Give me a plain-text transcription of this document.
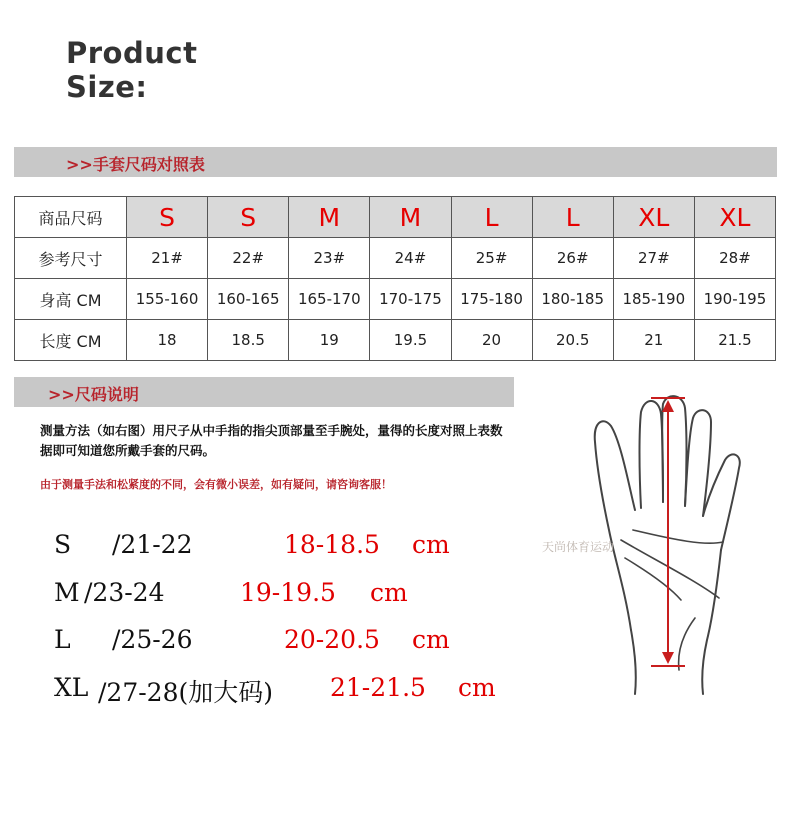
Product
Size:
>>手套尺码对照表
商品尺码	S	S	M	M	L	L	XL	XL
参考尺寸	21#	22#	23#	24#	25#	26#	27#	28#
身高 CM	155-160	160-165	165-170	170-175	175-180	180-185	185-190	190-195
长度 CM	18	18.5	19	19.5	20	20.5	21	21.5
>>尺码说明
测量方法（如右图）用尺子从中手指的指尖顶部量至手腕处，量得的长度对照上表数据即可知道您所戴手套的尺码。
由于测量手法和松紧度的不同，会有微小误差，如有疑问，请咨询客服！
S /21-22	18-18.5 cm
M /23-24	19-19.5 cm
L /25-26	20-20.5 cm
XL /27-28(加大码) 21-21.5 cm
天尚体育运动
